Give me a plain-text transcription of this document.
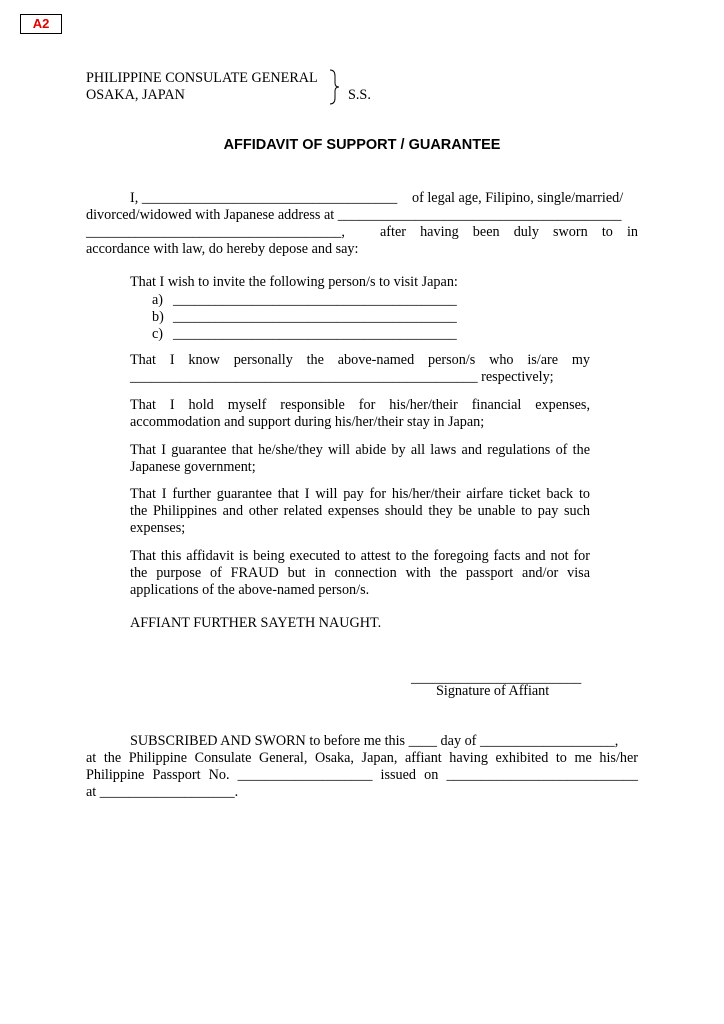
A2
PHILIPPINE CONSULATE GENERAL
OSAKA, JAPAN	S.S.
AFFIDAVIT OF SUPPORT / GUARANTEE
I, ____________________________________ of legal age, Filipino, single/married/
divorced/widowed with Japanese address at ________________________________________
____________________________________, after having been duly sworn to in
accordance with law, do hereby depose and say:
That I wish to invite the following person/s to visit Japan:
a) ________________________________________
b) ________________________________________
c) ________________________________________
That I know personally the above-named person/s who is/are my
_________________________________________________ respectively;
That I hold myself responsible for his/her/their financial expenses,
accommodation and support during his/her/their stay in Japan;
That I guarantee that he/she/they will abide by all laws and regulations of the
Japanese government;
That I further guarantee that I will pay for his/her/their airfare ticket back to
the Philippines and other related expenses should they be unable to pay such
expenses;
That this affidavit is being executed to attest to the foregoing facts and not for
the purpose of FRAUD but in connection with the passport and/or visa
applications of the above-named person/s.
AFFIANT FURTHER SAYETH NAUGHT.
________________________
Signature of Affiant
SUBSCRIBED AND SWORN to before me this ____ day of ___________________,
at the Philippine Consulate General, Osaka, Japan, affiant having exhibited to me his/her
Philippine Passport No. ___________________ issued on ___________________________
at ___________________.
